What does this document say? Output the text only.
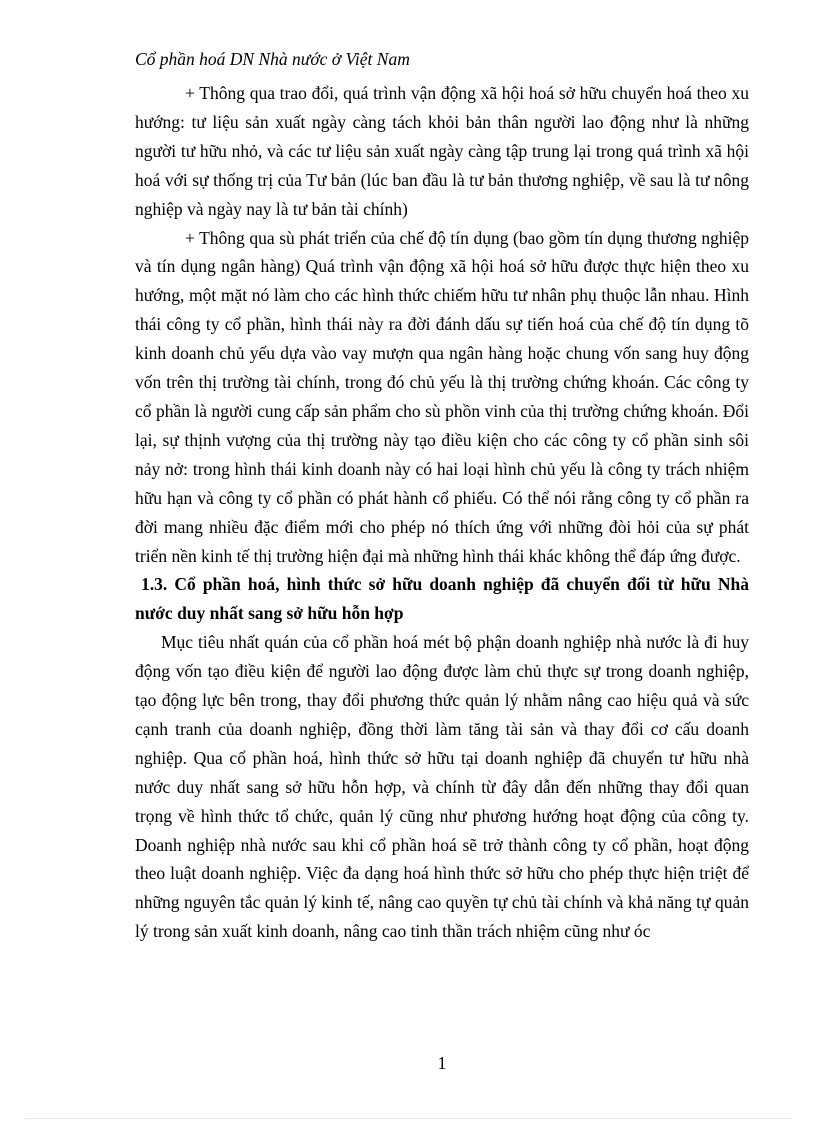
Cổ phần hoá DN Nhà nước ở Việt Nam

+ Thông qua trao đổi, quá trình vận động xã hội hoá sở hữu chuyển hoá theo xu hướng: tư liệu sản xuất ngày càng tách khỏi bản thân người lao động như là những người tư hữu nhỏ, và các tư liệu sản xuất ngày càng tập trung lại trong quá trình xã hội hoá với sự thống trị của Tư bản (lúc ban đầu là tư bản thương nghiệp, về sau là tư nông nghiệp và ngày nay là tư bản tài chính)

+ Thông qua sù phát triển của chế độ tín dụng (bao gồm tín dụng thương nghiệp và tín dụng ngân hàng) Quá trình vận động xã hội hoá sở hữu được thực hiện theo xu hướng, một mặt nó làm cho các hình thức chiếm hữu tư nhân phụ thuộc lẫn nhau. Hình thái công ty cổ phần, hình thái này ra đời đánh dấu sự tiến hoá của chế độ tín dụng tõ kinh doanh chủ yếu dựa vào vay mượn qua ngân hàng hoặc chung vốn sang huy động vốn trên thị trường tài chính, trong đó chủ yếu là thị trường chứng khoán. Các công ty cổ phần là người cung cấp sản phẩm cho sù phồn vinh của thị trường chứng khoán. Đổi lại, sự thịnh vượng của thị trường này tạo điều kiện cho các công ty cổ phần sinh sôi nảy nở: trong hình thái kinh doanh này có hai loại hình chủ yếu là công ty trách nhiệm hữu hạn và công ty cổ phần có phát hành cổ phiếu. Có thể nói rằng công ty cổ phần ra đời mang nhiều đặc điểm mới cho phép nó thích ứng với những đòi hỏi của sự phát triển nền kinh tế thị trường hiện đại mà những hình thái khác không thể đáp ứng được.

1.3. Cổ phần hoá, hình thức sở hữu doanh nghiệp đã chuyển đổi từ hữu Nhà nước duy nhất sang sở hữu hỗn hợp

Mục tiêu nhất quán của cổ phần hoá mét bộ phận doanh nghiệp nhà nước là đi huy động vốn tạo điều kiện để người lao động được làm chủ thực sự trong doanh nghiệp, tạo động lực bên trong, thay đổi phương thức quản lý nhằm nâng cao hiệu quả và sức cạnh tranh của doanh nghiệp, đồng thời làm tăng tài sản và thay đổi cơ cấu doanh nghiệp. Qua cổ phần hoá, hình thức sở hữu tại doanh nghiệp đã chuyển tư hữu nhà nước duy nhất sang sở hữu hỗn hợp, và chính từ đây dẫn đến những thay đổi quan trọng về hình thức tổ chức, quản lý cũng như phương hướng hoạt động của công ty. Doanh nghiệp nhà nước sau khi cổ phần hoá sẽ trở thành công ty cổ phần, hoạt động theo luật doanh nghiệp. Việc đa dạng hoá hình thức sở hữu cho phép thực hiện triệt để những nguyên tắc quản lý kinh tế, nâng cao quyền tự chủ tài chính và khả năng tự quản lý trong sản xuất kinh doanh, nâng cao tinh thần trách nhiệm cũng như óc

1
